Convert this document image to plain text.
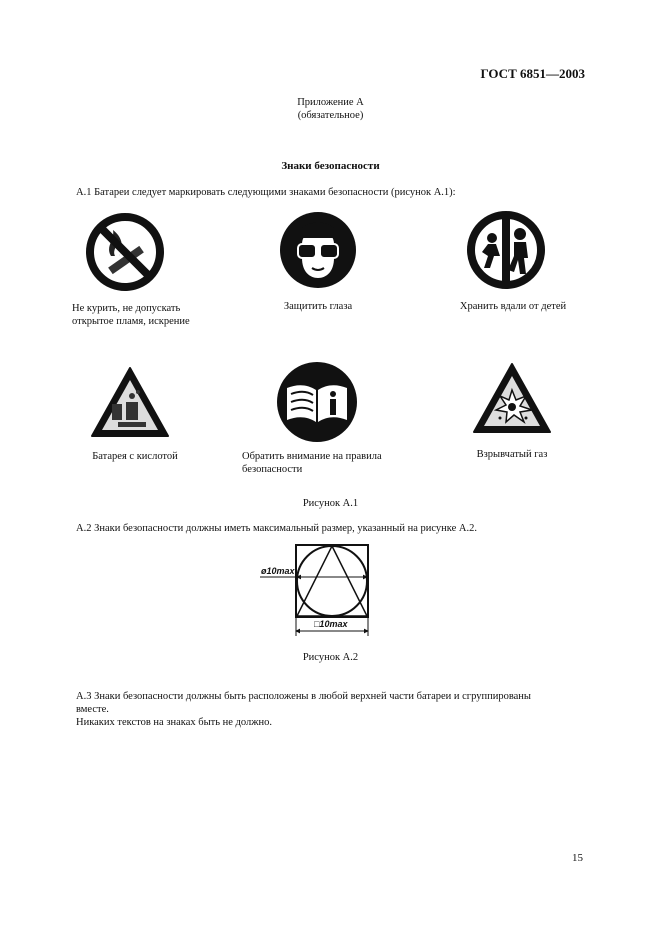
ГОСТ 6851—2003
Приложение А
(обязательное)
Знаки безопасности
А.1 Батареи следует маркировать следующими знаками безопасности (рисунок А.1):
Не курить, не допускать
открытое пламя, искрение
Защитить глаза	Хранить вдали от детей
Батарея с кислотой	Обратить внимание на правила
безопасности
Взрывчатый газ
Рисунок А.1
А.2 Знаки безопасности должны иметь максимальный размер, указанный на рисунке А.2.
ø10max
□10max
Рисунок А.2
А.3 Знаки безопасности должны быть расположены в любой верхней части батареи и сгруппированы
вместе.
Никаких текстов на знаках быть не должно.
15
